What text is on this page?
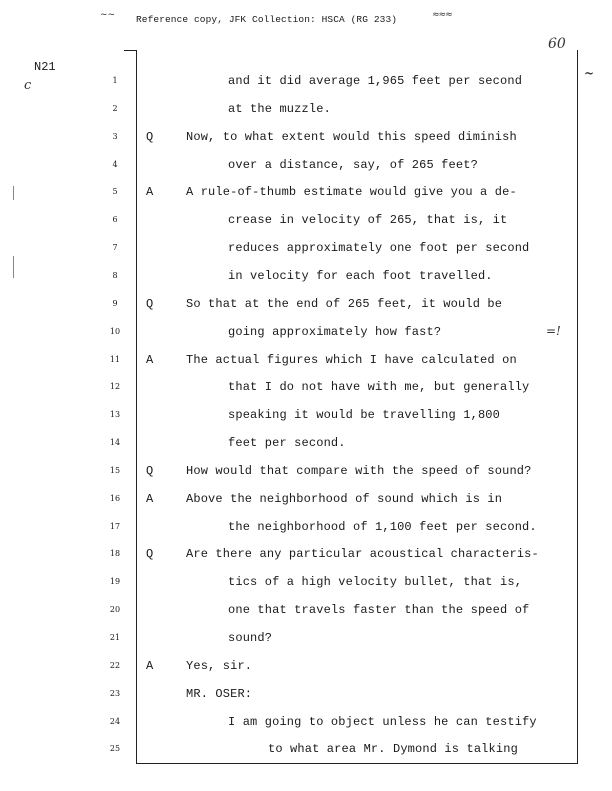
~~ Reference copy, JFK Collection: HSCA (RG 233)	≈≈≈
N21
c
60
~
=!
1	and it did average 1,965 feet per second
2	at the muzzle.
3	Q	Now, to what extent would this speed diminish
4	over a distance, say, of 265 feet?
5	A	A rule-of-thumb estimate would give you a de-
6	crease in velocity of 265, that is, it
7	reduces approximately one foot per second
8	in velocity for each foot travelled.
9	Q	So that at the end of 265 feet, it would be
10	going approximately how fast?
11	A	The actual figures which I have calculated on
12	that I do not have with me, but generally
13	speaking it would be travelling 1,800
14	feet per second.
15	Q	How would that compare with the speed of sound?
16	A	Above the neighborhood of sound which is in
17	the neighborhood of 1,100 feet per second.
18	Q	Are there any particular acoustical characteris-
19	tics of a high velocity bullet, that is,
20	one that travels faster than the speed of
21	sound?
22	A	Yes, sir.
23	MR. OSER:
24	I am going to object unless he can testify
25	to what area Mr. Dymond is talking
